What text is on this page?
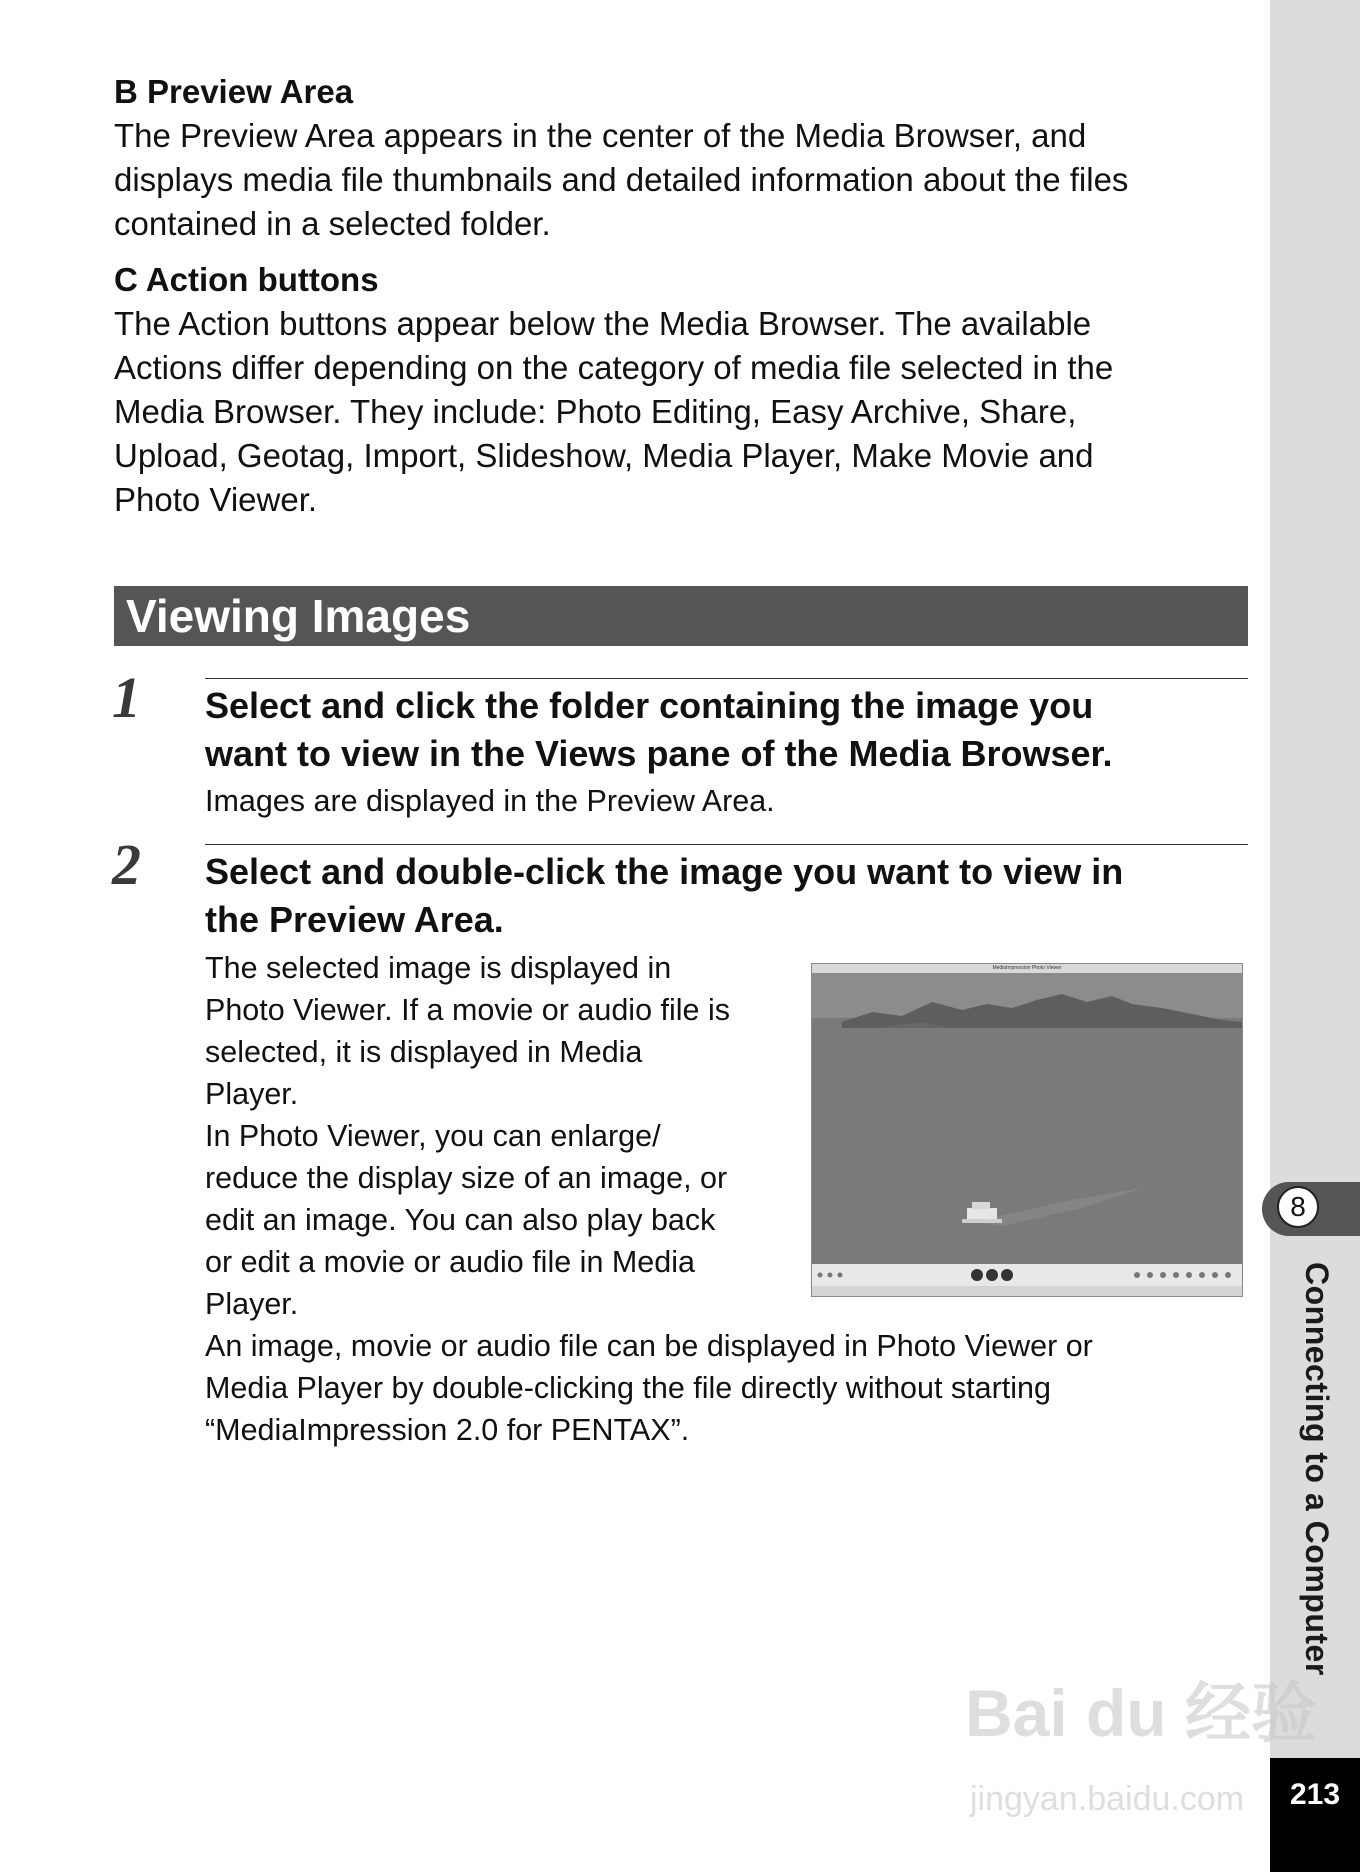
B Preview Area
The Preview Area appears in the center of the Media Browser, and
displays media file thumbnails and detailed information about the files
contained in a selected folder.
C Action buttons
The Action buttons appear below the Media Browser. The available
Actions differ depending on the category of media file selected in the
Media Browser. They include: Photo Editing, Easy Archive, Share,
Upload, Geotag, Import, Slideshow, Media Player, Make Movie and
Photo Viewer.
Viewing Images
1 Select and click the folder containing the image you
want to view in the Views pane of the Media Browser.
Images are displayed in the Preview Area.
2 Select and double-click the image you want to view in
the Preview Area.
The selected image is displayed in
Photo Viewer. If a movie or audio file is
selected, it is displayed in Media
Player.
In Photo Viewer, you can enlarge/
reduce the display size of an image, or
edit an image. You can also play back
or edit a movie or audio file in Media
Player.
An image, movie or audio file can be displayed in Photo Viewer or
Media Player by double-clicking the file directly without starting
“MediaImpression 2.0 for PENTAX”.
MediaImpression Photo Viewer
8
Connecting to a Computer
213
Bai du 经验
jingyan.baidu.com
